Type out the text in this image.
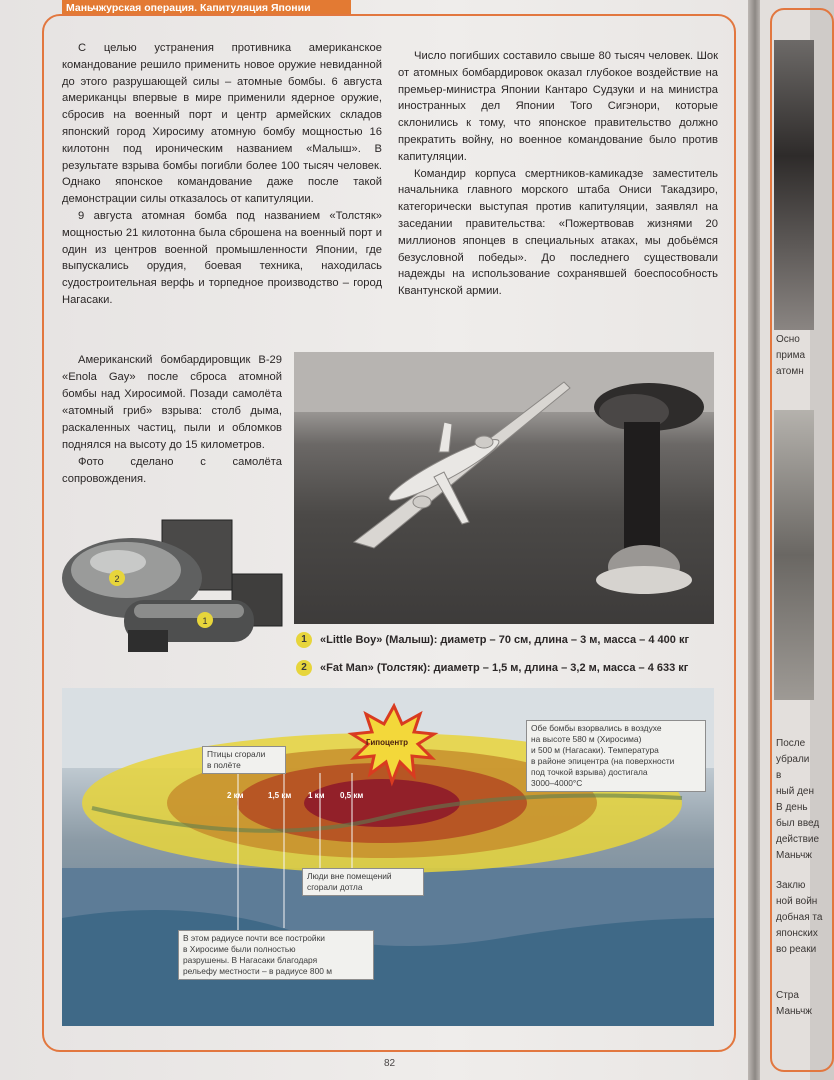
Осно
прима
атомн
После
убрали
в
ный ден
В день
был введ
действие
Маньчж
Заклю
ной войн
добная та
японских
во реаки
Стра
Маньчж
Маньчжурская операция. Капитуляция Японии

С целью устранения противника американское командование решило применить новое оружие невиданной до этого разрушающей силы – атомные бомбы. 6 августа американцы впервые в мире применили ядерное оружие, сбросив на военный порт и центр армейских складов японский город Хиросиму атомную бомбу мощностью 16 килотонн под ироническим названием «Малыш». В результате взрыва бомбы погибли более 100 тысяч человек. Однако японское командование даже после такой демонстрации силы отказалось от капитуляции.

9 августа атомная бомба под названием «Толстяк» мощностью 21 килотонна была сброшена на военный порт и один из центров военной промышленности Японии, где выпускались орудия, боевая техника, находилась судостроительная верфь и торпедное производство – город Нагасаки.

Число погибших составило свыше 80 тысяч человек. Шок от атомных бомбардировок оказал глубокое воздействие на премьер-министра Японии Кантаро Судзуки и на министра иностранных дел Японии Того Сигэнори, которые склонились к тому, что японское правительство должно прекратить войну, но военное командование было против капитуляции.

Командир корпуса смертников-камикадзе заместитель начальника главного морского штаба Ониси Такадзиро, категорически выступая против капитуляции, заявлял на заседании правительства: «Пожертвовав жизнями 20 миллионов японцев в специальных атаках, мы добьёмся безусловной победы». До последнего существовали надежды на использование сохранявшей боеспособность Квантунской армии.

Американский бомбардировщик B-29 «Enola Gay» после сброса атомной бомбы над Хиросимой. Позади самолёта «атомный гриб» взрыва: столб дыма, раскаленных частиц, пыли и обломков поднялся на высоту до 15 километров.

Фото сделано с самолёта сопровождения.

2
1
1 «Little Boy» (Малыш): диаметр – 70 см, длина – 3 м, масса – 4 400 кг
2 «Fat Man» (Толстяк): диаметр – 1,5 м, длина – 3,2 м, масса – 4 633 кг
2 км	1,5 км 1 км 0,5 км
Гипоцентр
Птицы сгорали
в полёте
Обе бомбы взорвались в воздухе
на высоте 580 м (Хиросима)
и 500 м (Нагасаки). Температура
в районе эпицентра (на поверхности
под точкой взрыва) достигала
3000–4000°С
Люди вне помещений
сгорали дотла
В этом радиусе почти все постройки
в Хиросиме были полностью
разрушены. В Нагасаки благодаря
рельефу местности – в радиусе 800 м
82
